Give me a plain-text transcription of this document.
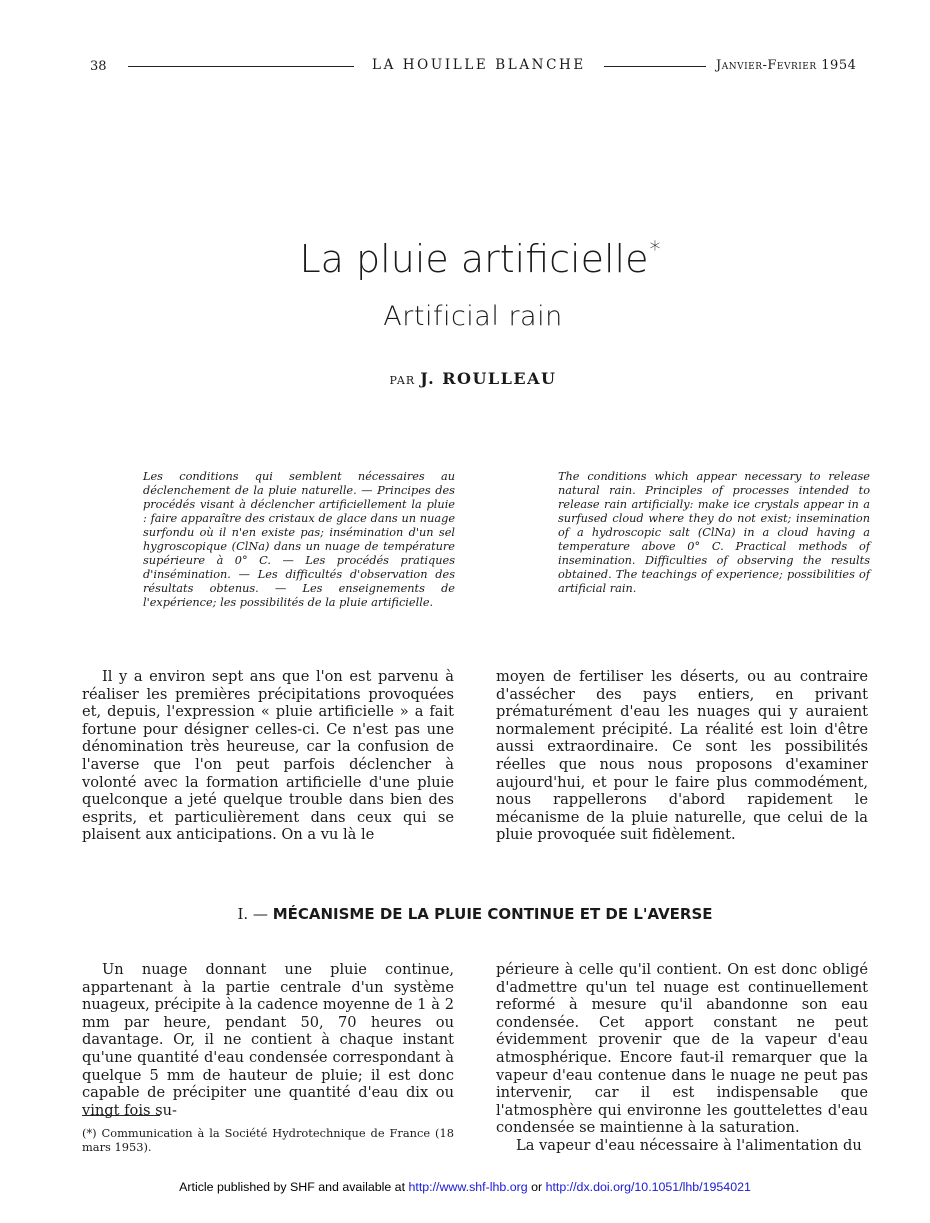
38	LA HOUILLE BLANCHE	Janvier-Fevrier 1954
La pluie artificielle*
Artificial rain
PAR J. ROULLEAU
Les conditions qui semblent nécessaires au déclenchement de la pluie naturelle. — Principes des procédés visant à déclencher artificiellement la pluie : faire apparaître des cristaux de glace dans un nuage surfondu où il n'en existe pas; insémination d'un sel hygroscopique (ClNa) dans un nuage de température supérieure à 0° C. — Les procédés pratiques d'insémination. — Les difficultés d'observation des résultats obtenus. — Les enseignements de l'expérience; les possibilités de la pluie artificielle.
The conditions which appear necessary to release natural rain. Principles of processes intended to release rain artificially: make ice crystals appear in a surfused cloud where they do not exist; insemination of a hydroscopic salt (ClNa) in a cloud having a temperature above 0° C. Practical methods of insemination. Difficulties of observing the results obtained. The teachings of experience; possibilities of artificial rain.

Il y a environ sept ans que l'on est parvenu à réaliser les premières précipitations provoquées et, depuis, l'expression « pluie artificielle » a fait fortune pour désigner celles-ci. Ce n'est pas une dénomination très heureuse, car la confusion de l'averse que l'on peut parfois déclencher à volonté avec la formation artificielle d'une pluie quelconque a jeté quelque trouble dans bien des esprits, et particulièrement dans ceux qui se plaisent aux anticipations. On a vu là le

moyen de fertiliser les déserts, ou au contraire d'assécher des pays entiers, en privant prématurément d'eau les nuages qui y auraient normalement précipité. La réalité est loin d'être aussi extraordinaire. Ce sont les possibilités réelles que nous nous proposons d'examiner aujourd'hui, et pour le faire plus commodément, nous rappellerons d'abord rapidement le mécanisme de la pluie naturelle, que celui de la pluie provoquée suit fidèlement.

I. — MÉCANISME DE LA PLUIE CONTINUE ET DE L'AVERSE

Un nuage donnant une pluie continue, appartenant à la partie centrale d'un système nuageux, précipite à la cadence moyenne de 1 à 2 mm par heure, pendant 50, 70 heures ou davantage. Or, il ne contient à chaque instant qu'une quantité d'eau condensée correspondant à quelque 5 mm de hauteur de pluie; il est donc capable de précipiter une quantité d'eau dix ou vingt fois su-

périeure à celle qu'il contient. On est donc obligé d'admettre qu'un tel nuage est continuellement reformé à mesure qu'il abandonne son eau condensée. Cet apport constant ne peut évidemment provenir que de la vapeur d'eau atmosphérique. Encore faut-il remarquer que la vapeur d'eau contenue dans le nuage ne peut pas intervenir, car il est indispensable que l'atmosphère qui environne les gouttelettes d'eau condensée se maintienne à la saturation.

La vapeur d'eau nécessaire à l'alimentation du

(*) Communication à la Société Hydrotechnique de France (18 mars 1953).
Article published by SHF and available at http://www.shf-lhb.org or http://dx.doi.org/10.1051/lhb/1954021
